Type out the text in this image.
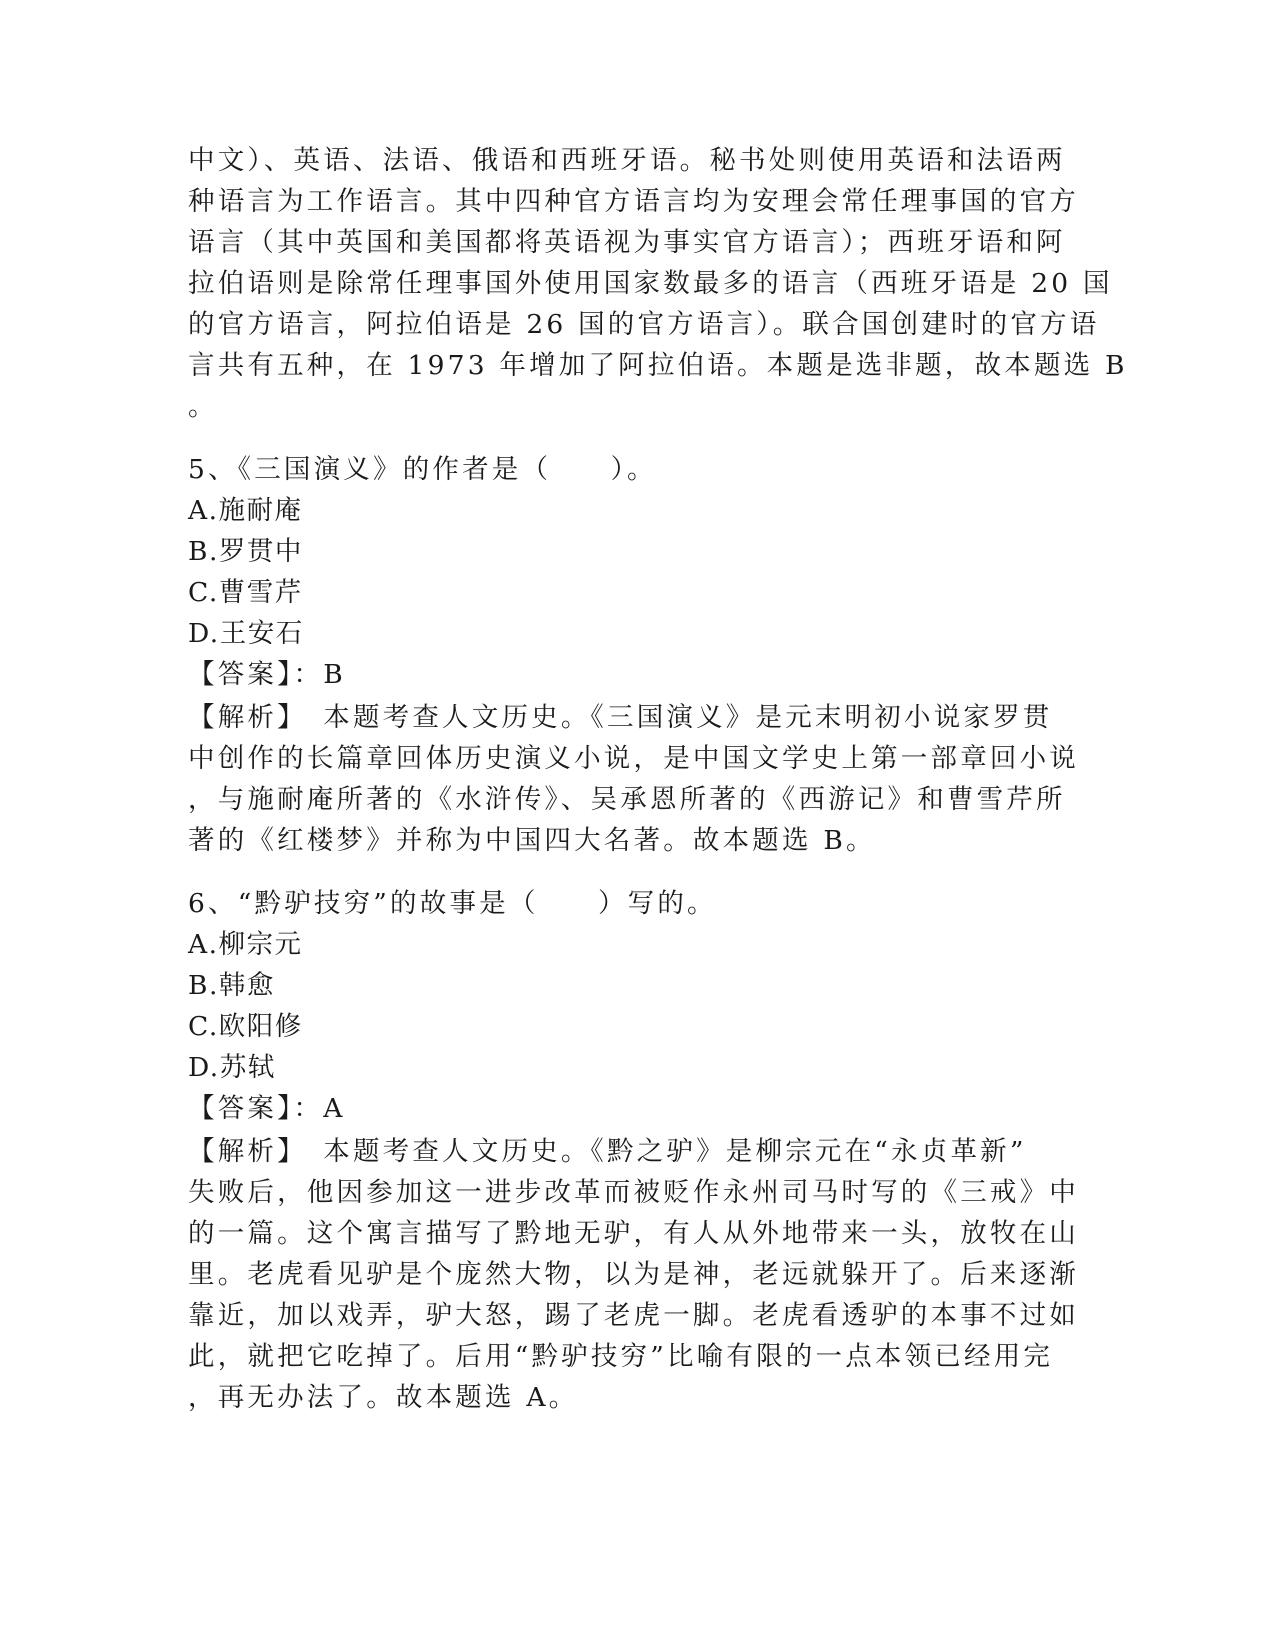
中文）、英语、法语、俄语和西班牙语。秘书处则使用英语和法语两
种语言为工作语言。其中四种官方语言均为安理会常任理事国的官方
语言（其中英国和美国都将英语视为事实官方语言）；西班牙语和阿
拉伯语则是除常任理事国外使用国家数最多的语言（西班牙语是 20 国
的官方语言，阿拉伯语是 26 国的官方语言）。联合国创建时的官方语
言共有五种，在 1973 年增加了阿拉伯语。本题是选非题，故本题选 B
。
5、《三国演义》的作者是（　　）。
A.施耐庵
B.罗贯中
C.曹雪芹
D.王安石
【答案】：B
【解析】　本题考查人文历史。《三国演义》是元末明初小说家罗贯
中创作的长篇章回体历史演义小说，是中国文学史上第一部章回小说
，与施耐庵所著的《水浒传》、吴承恩所著的《西游记》和曹雪芹所
著的《红楼梦》并称为中国四大名著。故本题选 B。
6、“黔驴技穷”的故事是（　　）写的。
A.柳宗元
B.韩愈
C.欧阳修
D.苏轼
【答案】：A
【解析】　本题考查人文历史。《黔之驴》是柳宗元在“永贞革新”
失败后，他因参加这一进步改革而被贬作永州司马时写的《三戒》中
的一篇。这个寓言描写了黔地无驴，有人从外地带来一头，放牧在山
里。老虎看见驴是个庞然大物，以为是神，老远就躲开了。后来逐渐
靠近，加以戏弄，驴大怒，踢了老虎一脚。老虎看透驴的本事不过如
此，就把它吃掉了。后用“黔驴技穷”比喻有限的一点本领已经用完
，再无办法了。故本题选 A。
